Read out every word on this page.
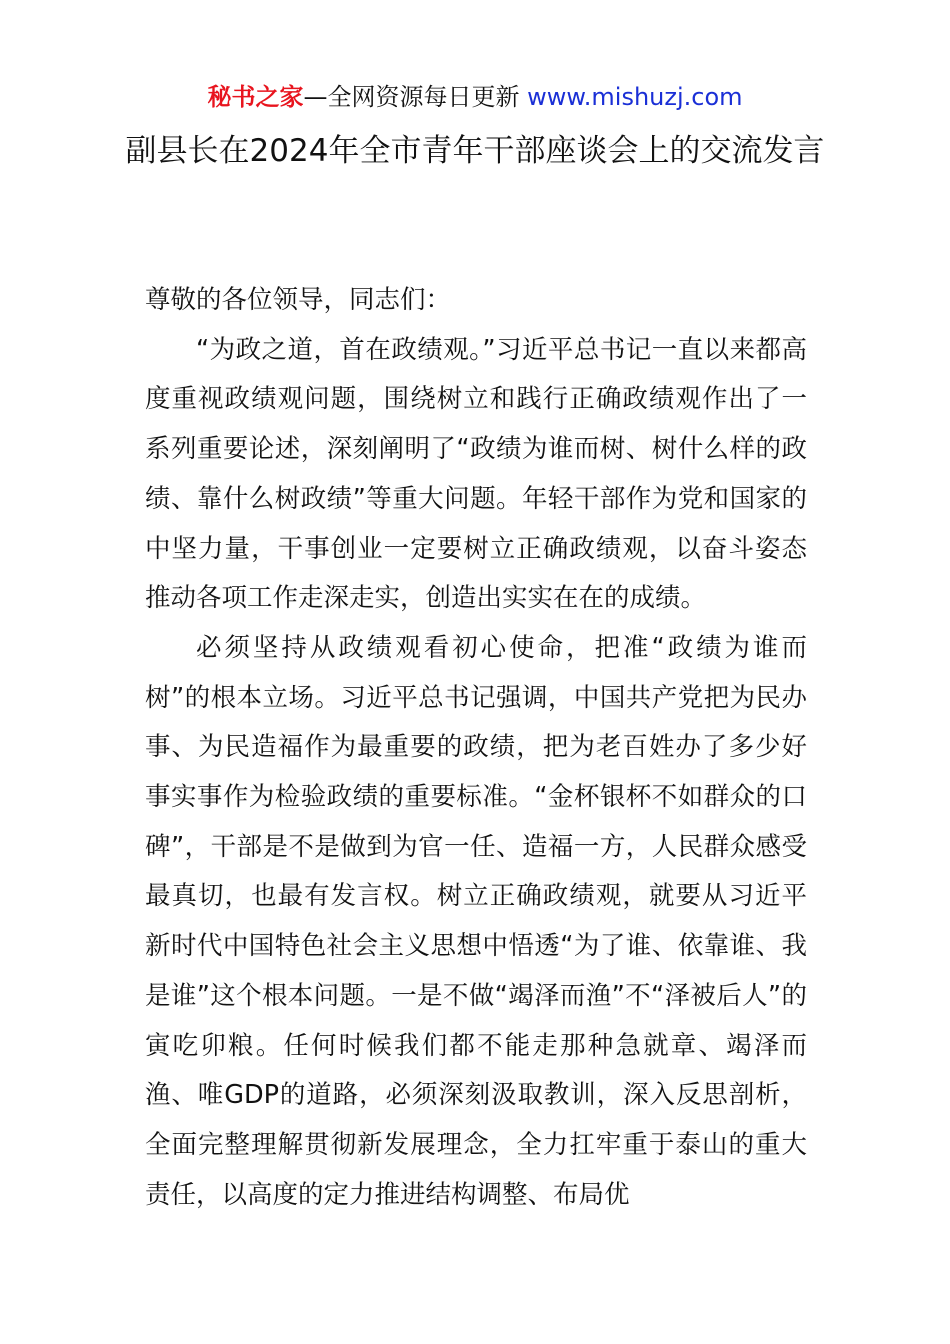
秘书之家—全网资源每日更新 www.mishuzj.com
副县长在2024年全市青年干部座谈会上的交流发言

尊敬的各位领导，同志们：

“为政之道，首在政绩观。”习近平总书记一直以来都高度重视政绩观问题，围绕树立和践行正确政绩观作出了一系列重要论述，深刻阐明了“政绩为谁而树、树什么样的政绩、靠什么树政绩”等重大问题。年轻干部作为党和国家的中坚力量，干事创业一定要树立正确政绩观，以奋斗姿态推动各项工作走深走实，创造出实实在在的成绩。

必须坚持从政绩观看初心使命，把准“政绩为谁而树”的根本立场。习近平总书记强调，中国共产党把为民办事、为民造福作为最重要的政绩，把为老百姓办了多少好事实事作为检验政绩的重要标准。“金杯银杯不如群众的口碑”，干部是不是做到为官一任、造福一方，人民群众感受最真切，也最有发言权。树立正确政绩观，就要从习近平新时代中国特色社会主义思想中悟透“为了谁、依靠谁、我是谁”这个根本问题。一是不做“竭泽而渔”不“泽被后人”的寅吃卯粮。任何时候我们都不能走那种急就章、竭泽而渔、唯GDP的道路，必须深刻汲取教训，深入反思剖析，全面完整理解贯彻新发展理念，全力扛牢重于泰山的重大责任，以高度的定力推进结构调整、布局优
